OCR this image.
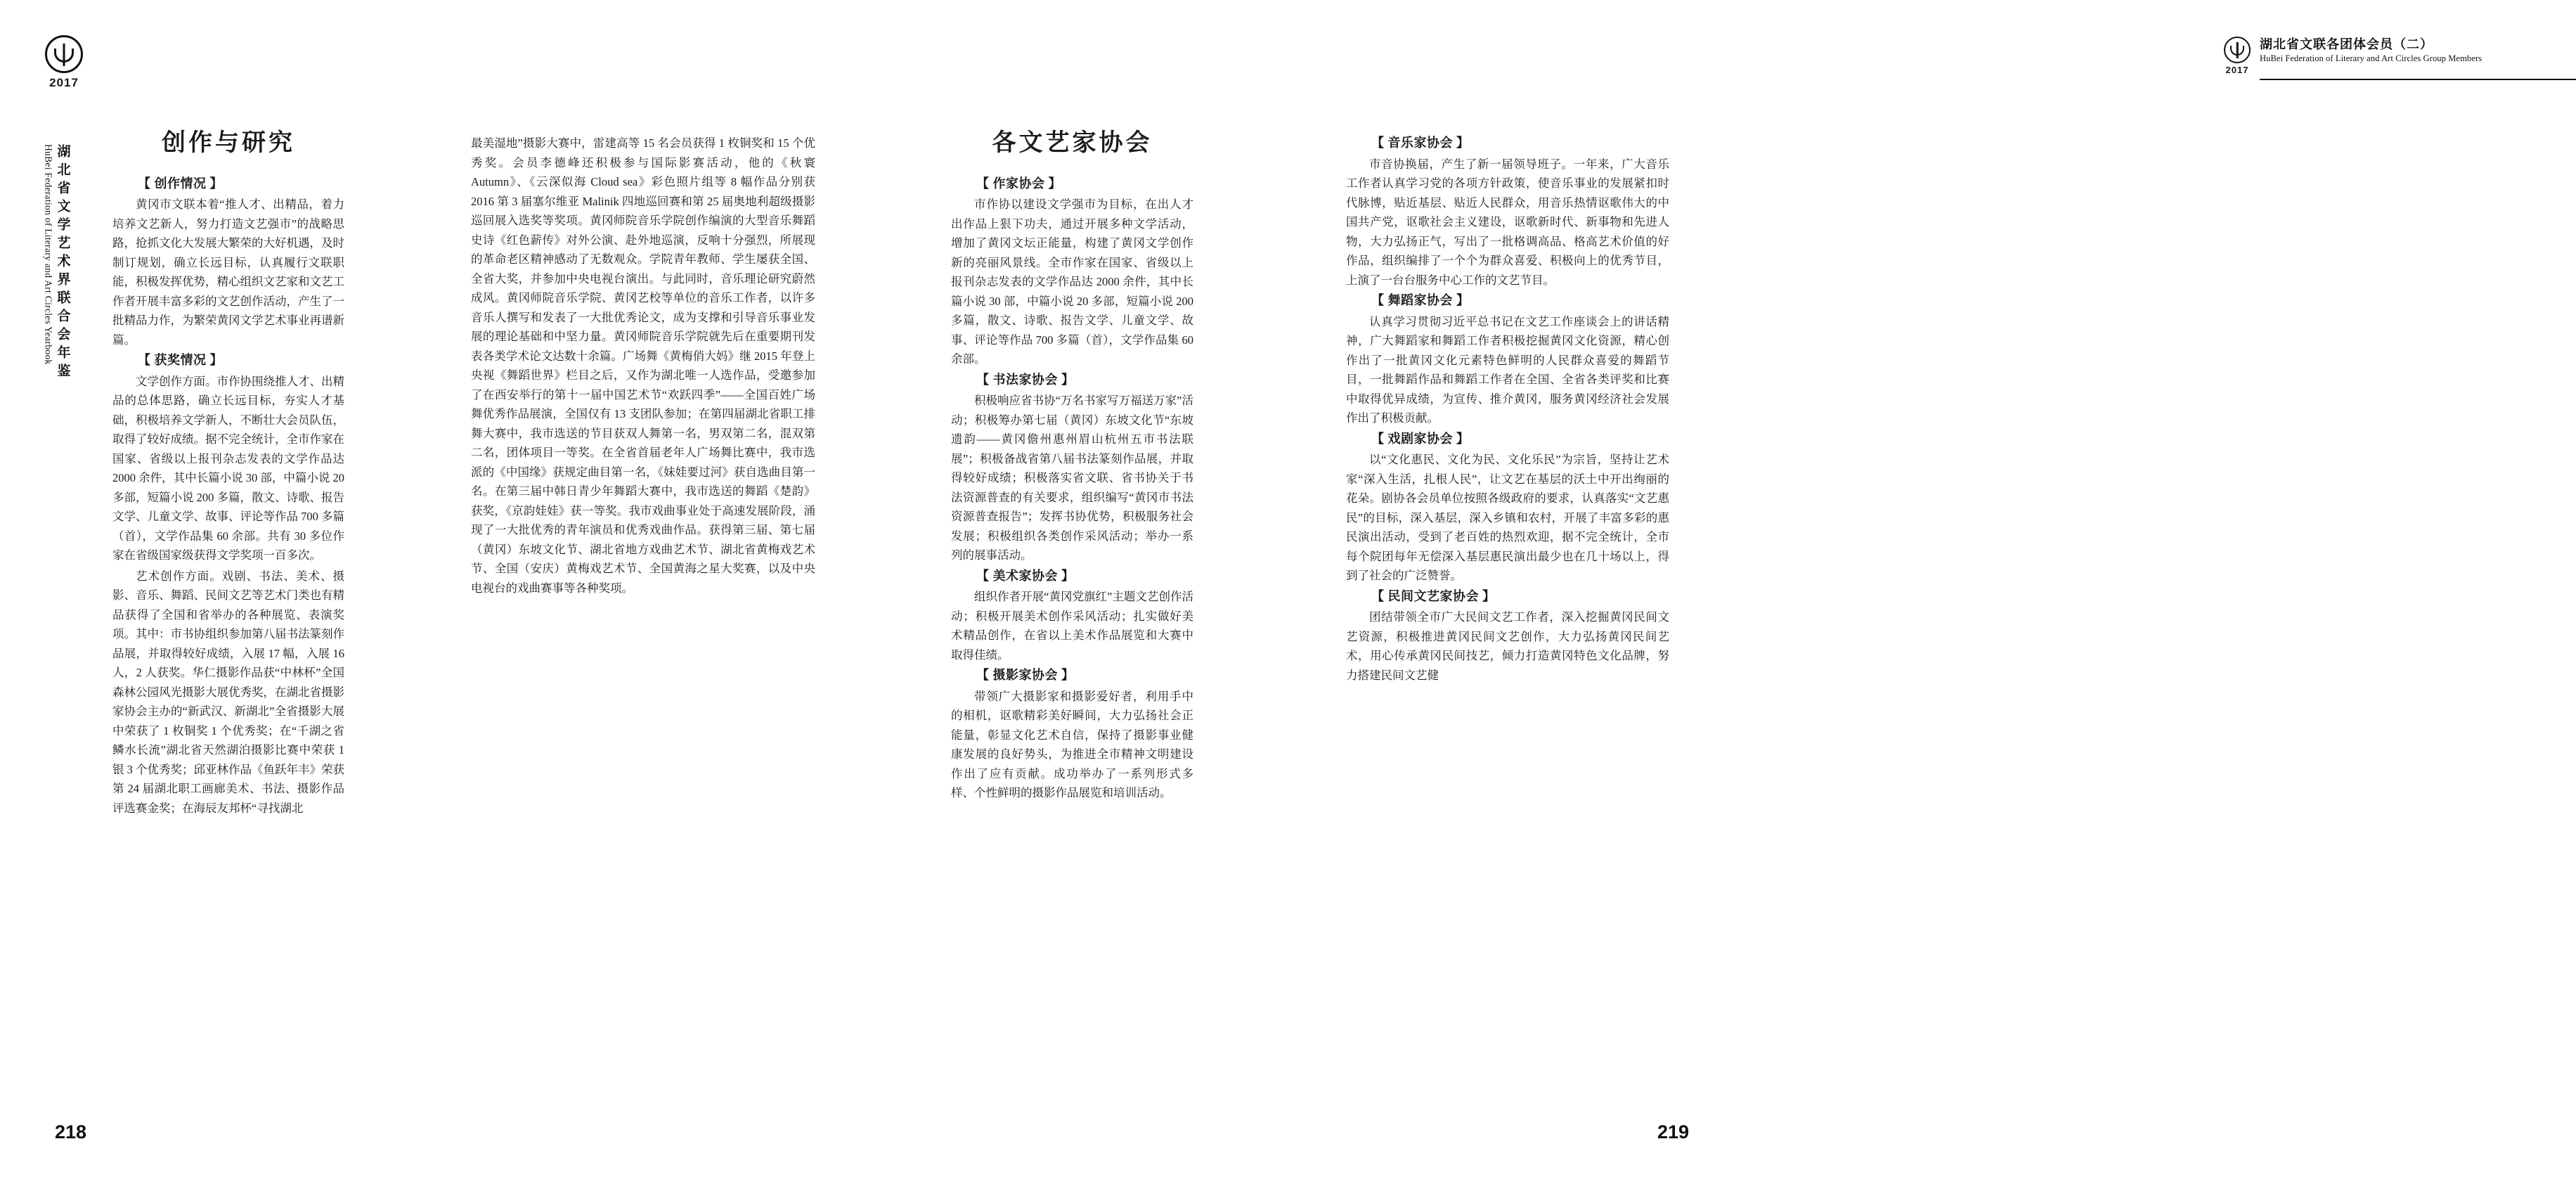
2017
HuBei Federation of Literary and Art Circles Yearbook 湖北省文学艺术界联合会年鉴
创作与研究

【 创作情况 】

黄冈市文联本着“推人才、出精品，着力培养文艺新人，努力打造文艺强市”的战略思路，抢抓文化大发展大繁荣的大好机遇，及时制订规划，确立长远目标，认真履行文联职能，积极发挥优势，精心组织文艺家和文艺工作者开展丰富多彩的文艺创作活动，产生了一批精品力作，为繁荣黄冈文学艺术事业再谱新篇。

【 获奖情况 】

文学创作方面。市作协围绕推人才、出精品的总体思路，确立长远目标，夯实人才基础，积极培养文学新人，不断壮大会员队伍，取得了较好成绩。据不完全统计，全市作家在国家、省级以上报刊杂志发表的文学作品达 2000 余件，其中长篇小说 30 部，中篇小说 20 多部，短篇小说 200 多篇，散文、诗歌、报告文学、儿童文学、故事、评论等作品 700 多篇（首），文学作品集 60 余部。共有 30 多位作家在省级国家级获得文学奖项一百多次。

艺术创作方面。戏剧、书法、美术、摄影、音乐、舞蹈、民间文艺等艺术门类也有精品获得了全国和省举办的各种展览、表演奖项。其中：市书协组织参加第八届书法篆刻作品展，并取得较好成绩，入展 17 幅，入展 16 人，2 人获奖。华仁摄影作品获“中林杯”全国森林公园风光摄影大展优秀奖，在湖北省摄影家协会主办的“新武汉、新湖北”全省摄影大展中荣获了 1 枚铜奖 1 个优秀奖；在“千湖之省 鳞水长流”湖北省天然湖泊摄影比赛中荣获 1 银 3 个优秀奖；邱亚林作品《鱼跃年丰》荣获第 24 届湖北职工画廊美术、书法、摄影作品评选赛金奖；在海辰友邦杯“寻找湖北

最美湿地”摄影大赛中，雷建高等 15 名会员获得 1 枚铜奖和 15 个优秀奖。会员李德峰还积极参与国际影赛活动，他的《秋寰 Autumn》、《云深似海 Cloud sea》彩色照片组等 8 幅作品分别获 2016 第 3 届塞尔维亚 Malinik 四地巡回赛和第 25 届奥地利超级摄影巡回展入选奖等奖项。黄冈师院音乐学院创作编演的大型音乐舞蹈史诗《红色薪传》对外公演、赴外地巡演，反响十分强烈，所展现的革命老区精神感动了无数观众。学院青年教师、学生屡获全国、全省大奖，并参加中央电视台演出。与此同时，音乐理论研究蔚然成风。黄冈师院音乐学院、黄冈艺校等单位的音乐工作者，以许多音乐人撰写和发表了一大批优秀论文，成为支撑和引导音乐事业发展的理论基础和中坚力量。黄冈师院音乐学院就先后在重要期刊发表各类学术论文达数十余篇。广场舞《黄梅俏大妈》继 2015 年登上央视《舞蹈世界》栏目之后，又作为湖北唯一人选作品，受邀参加了在西安举行的第十一届中国艺术节“欢跃四季”——全国百姓广场舞优秀作品展演，全国仅有 13 支团队参加；在第四届湖北省职工排舞大赛中，我市选送的节目获双人舞第一名，男双第二名，混双第二名，团体项目一等奖。在全省首届老年人广场舞比赛中，我市选派的《中国缘》获规定曲目第一名，《妹娃要过河》获自选曲目第一名。在第三届中韩日青少年舞蹈大赛中，我市选送的舞蹈《楚韵》获奖，《京韵娃娃》获一等奖。我市戏曲事业处于高速发展阶段，涌现了一大批优秀的青年演员和优秀戏曲作品。获得第三届、第七届（黄冈）东坡文化节、湖北省地方戏曲艺术节、湖北省黄梅戏艺术节、全国（安庆）黄梅戏艺术节、全国黄海之星大奖赛，以及中央电视台的戏曲赛事等各种奖项。

218
2017
湖北省文联各团体会员（二）
HuBei Federation of Literary and Art Circles Group Members
各文艺家协会

【 作家协会 】

市作协以建设文学强市为目标，在出人才出作品上狠下功夫，通过开展多种文学活动，增加了黄冈文坛正能量，构建了黄冈文学创作新的亮丽风景线。全市作家在国家、省级以上报刊杂志发表的文学作品达 2000 余件，其中长篇小说 30 部，中篇小说 20 多部，短篇小说 200 多篇，散文、诗歌、报告文学、儿童文学、故事、评论等作品 700 多篇（首），文学作品集 60 余部。

【 书法家协会 】

积极响应省书协“万名书家写万福送万家”活动；积极筹办第七届（黄冈）东坡文化节“东坡遗韵——黄冈儋州惠州眉山杭州五市书法联展”；积极备战省第八届书法篆刻作品展，并取得较好成绩；积极落实省文联、省书协关于书法资源普查的有关要求，组织编写“黄冈市书法资源普查报告”；发挥书协优势，积极服务社会发展；积极组织各类创作采风活动；举办一系列的展事活动。

【 美术家协会 】

组织作者开展“黄冈党旗红”主题文艺创作活动；积极开展美术创作采风活动；扎实做好美术精品创作，在省以上美术作品展览和大赛中取得佳绩。

【 摄影家协会 】

带领广大摄影家和摄影爱好者，利用手中的相机，讴歌精彩美好瞬间，大力弘扬社会正能量，彰显文化艺术自信，保持了摄影事业健康发展的良好势头，为推进全市精神文明建设作出了应有贡献。成功举办了一系列形式多样、个性鲜明的摄影作品展览和培训活动。

【 音乐家协会 】

市音协换届，产生了新一届领导班子。一年来，广大音乐工作者认真学习党的各项方针政策，使音乐事业的发展紧扣时代脉博，贴近基层、贴近人民群众，用音乐热情讴歌伟大的中国共产党，讴歌社会主义建设，讴歌新时代、新事物和先进人物，大力弘扬正气，写出了一批格调高品、格高艺术价值的好作品，组织编排了一个个为群众喜爱、积极向上的优秀节目，上演了一台台服务中心工作的文艺节目。

【 舞蹈家协会 】

认真学习贯彻习近平总书记在文艺工作座谈会上的讲话精神，广大舞蹈家和舞蹈工作者积极挖掘黄冈文化资源，精心创作出了一批黄冈文化元素特色鲜明的人民群众喜爱的舞蹈节目，一批舞蹈作品和舞蹈工作者在全国、全省各类评奖和比赛中取得优异成绩，为宣传、推介黄冈，服务黄冈经济社会发展作出了积极贡献。

【 戏剧家协会 】

以“文化惠民、文化为民、文化乐民”为宗旨，坚持让艺术家“深入生活，扎根人民”，让文艺在基层的沃土中开出绚丽的花朵。剧协各会员单位按照各级政府的要求，认真落实“文艺惠民”的目标，深入基层，深入乡镇和农村，开展了丰富多彩的惠民演出活动，受到了老百姓的热烈欢迎，据不完全统计，全市每个院团每年无偿深入基层惠民演出最少也在几十场以上，得到了社会的广泛赞誉。

【 民间文艺家协会 】

团结带领全市广大民间文艺工作者，深入挖掘黄冈民间文艺资源，积极推进黄冈民间文艺创作，大力弘扬黄冈民间艺术，用心传承黄冈民间技艺，倾力打造黄冈特色文化品牌，努力搭建民间文艺健

219
